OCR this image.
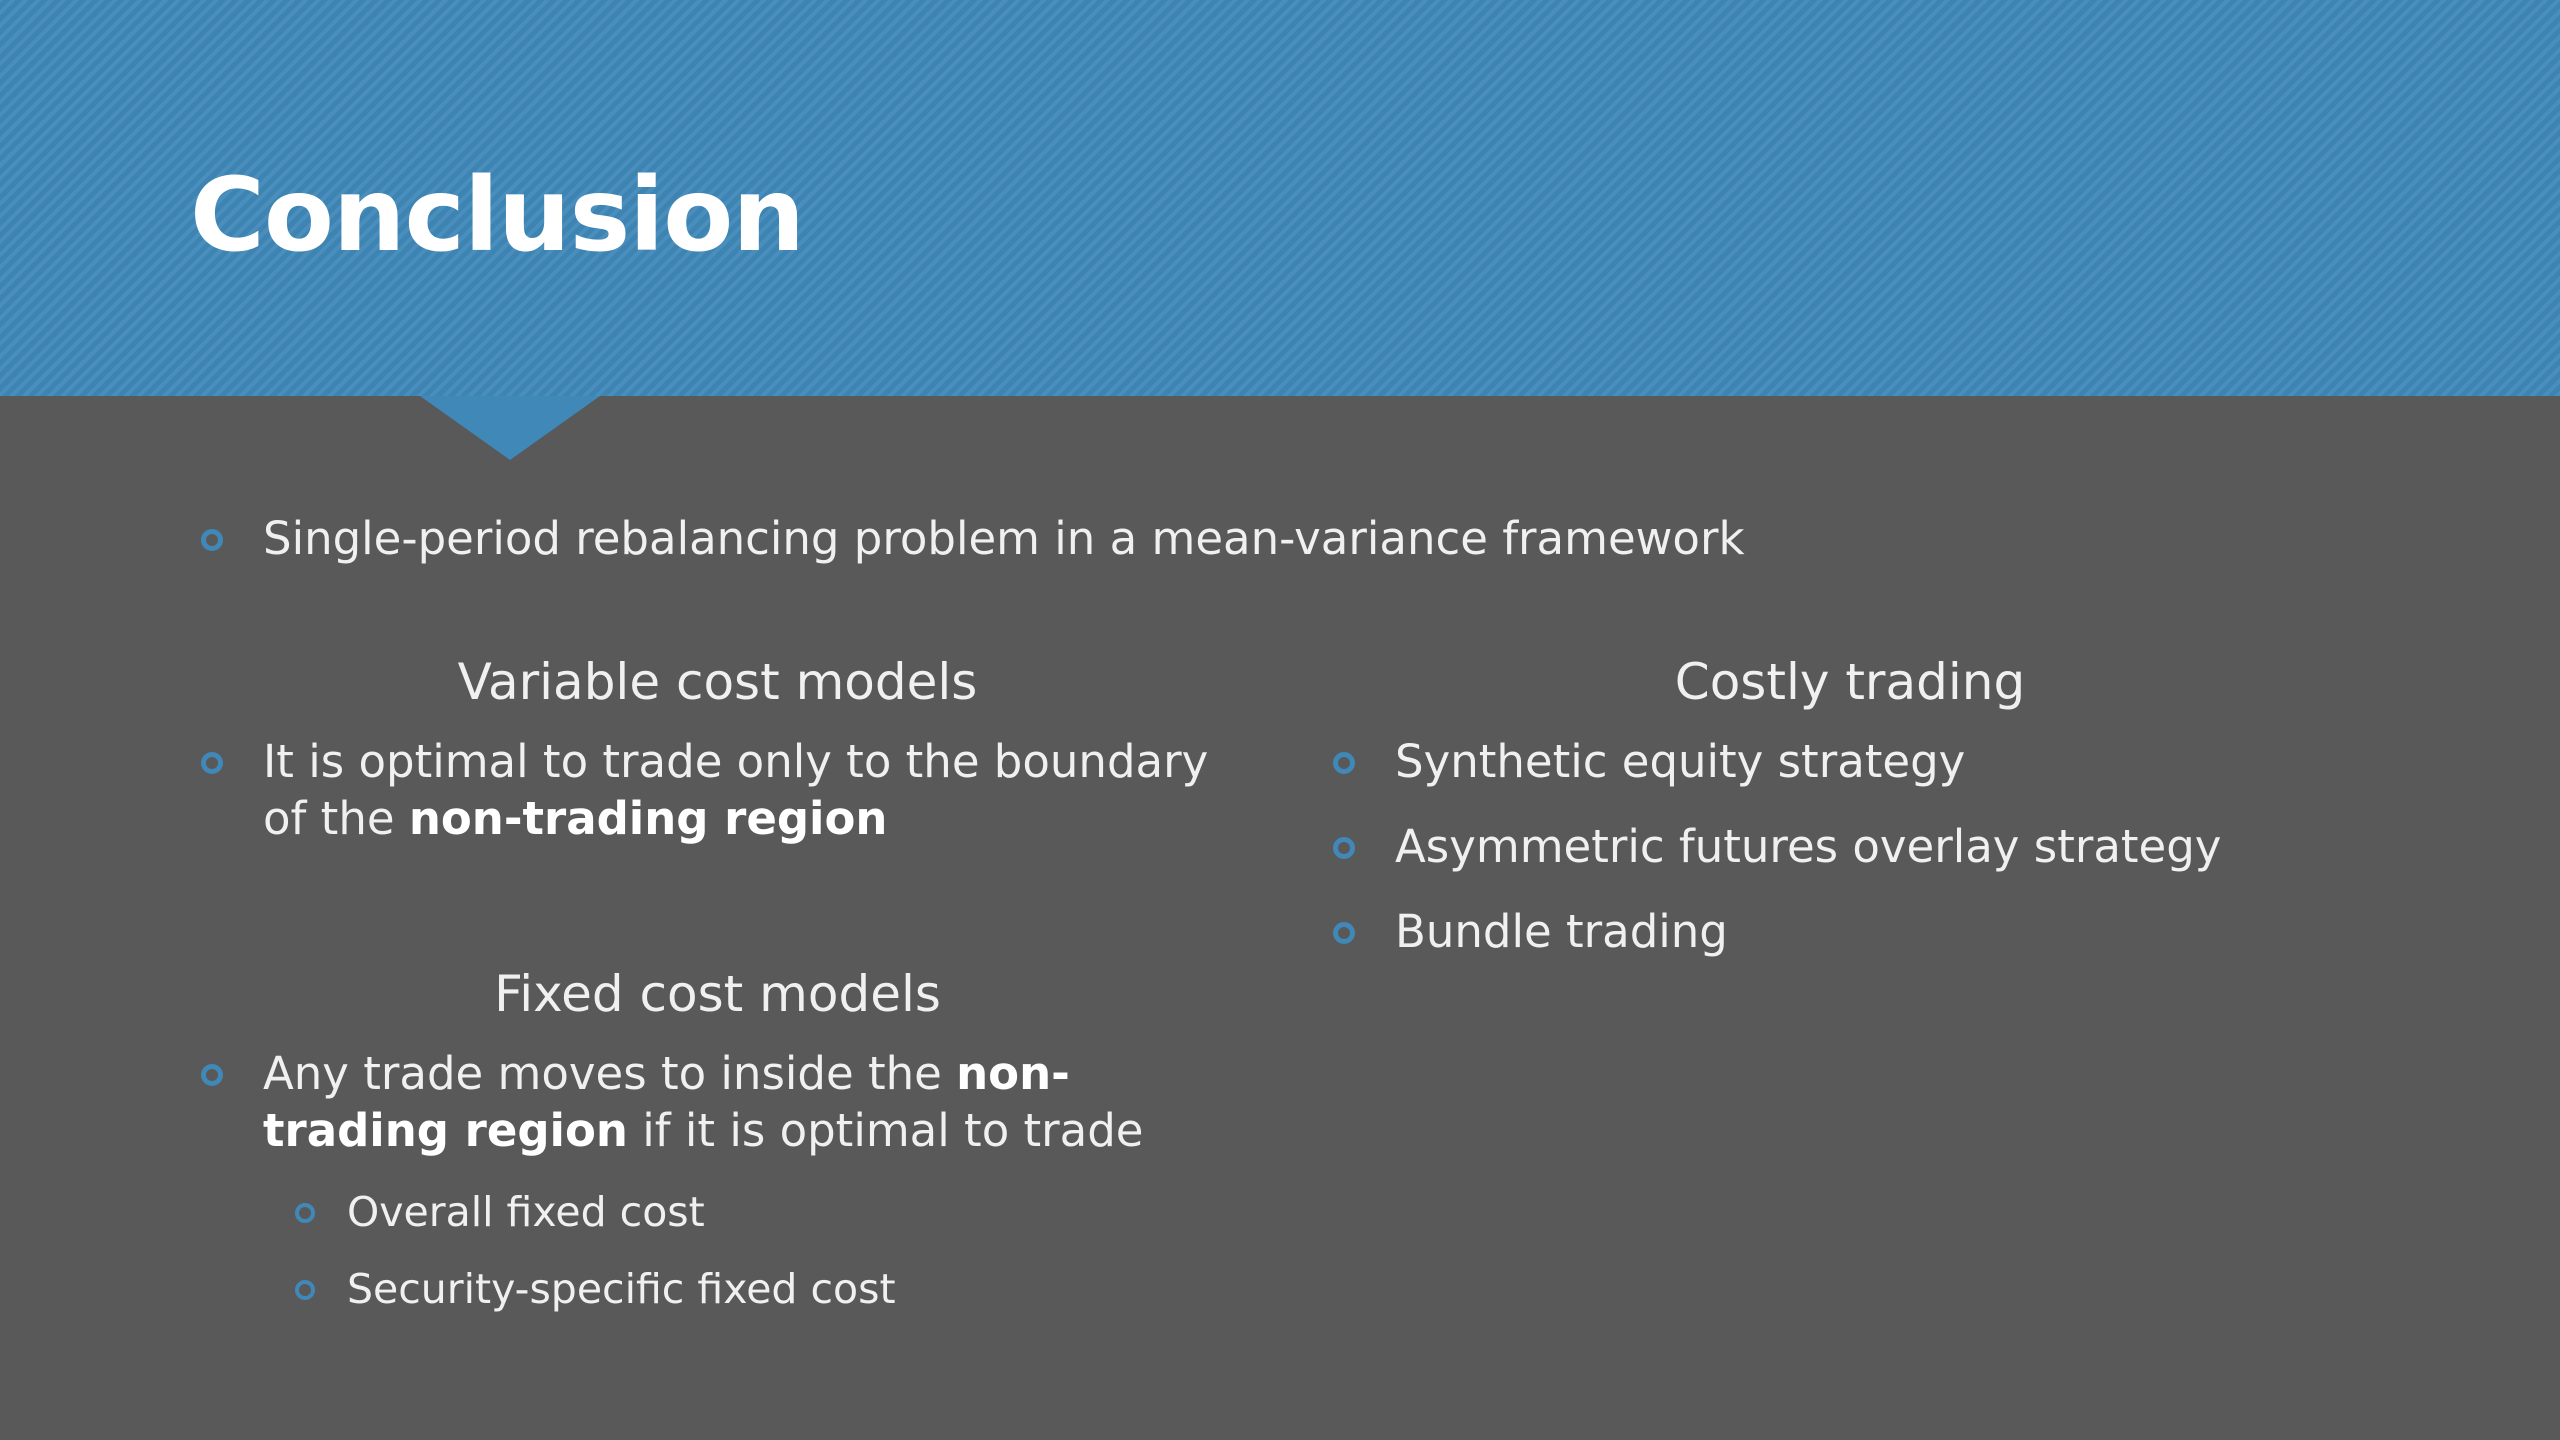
Conclusion
Single-period rebalancing problem in a mean-variance framework
Variable cost models
It is optimal to trade only to the boundary of the non-trading region
Fixed cost models
Any trade moves to inside the non-trading region if it is optimal to trade
Overall fixed cost
Security-specific fixed cost
Costly trading
Synthetic equity strategy
Asymmetric futures overlay strategy
Bundle trading
